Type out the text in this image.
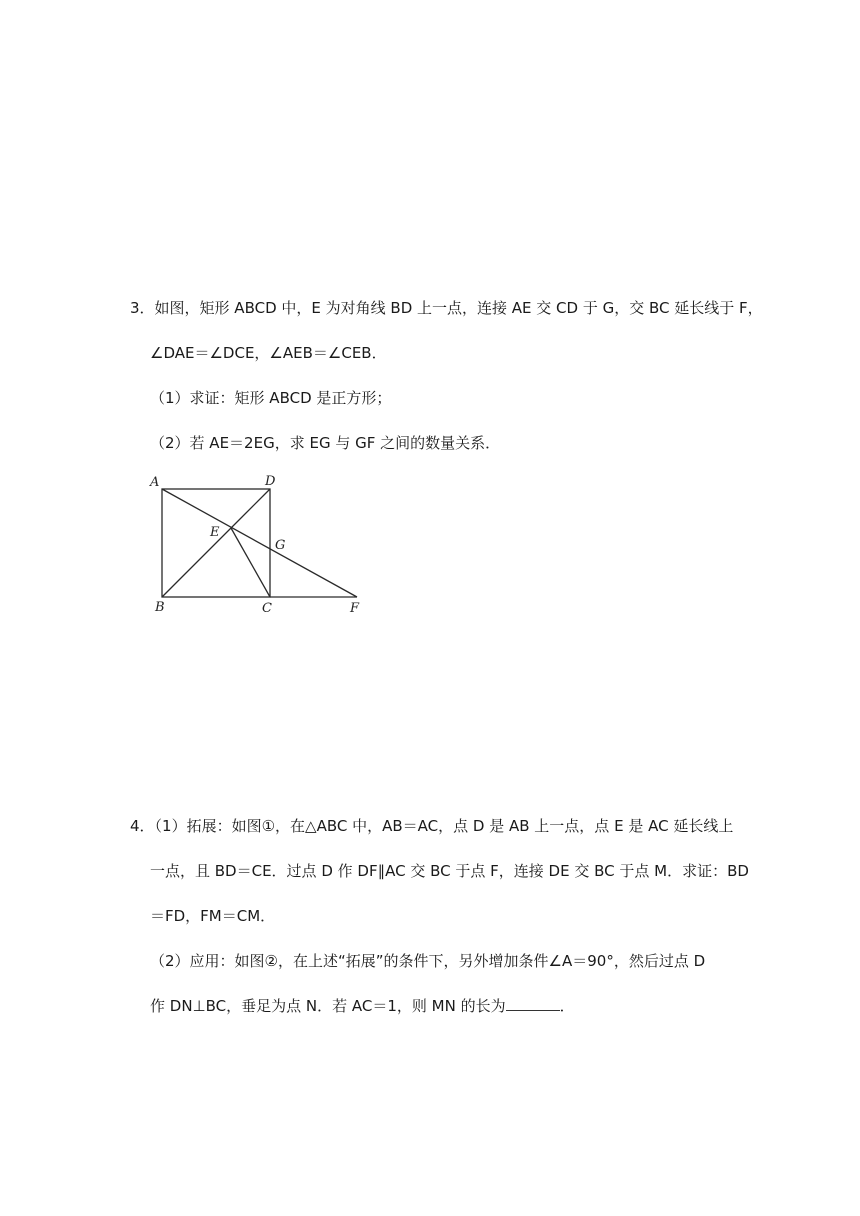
3．如图，矩形 ABCD 中，E 为对角线 BD 上一点，连接 AE 交 CD 于 G，交 BC 延长线于 F，
∠DAE＝∠DCE，∠AEB＝∠CEB．
（1）求证：矩形 ABCD 是正方形；
（2）若 AE＝2EG，求 EG 与 GF 之间的数量关系．
A	D
E
G
B	C	F
4．（1）拓展：如图①，在△ABC 中，AB＝AC，点 D 是 AB 上一点，点 E 是 AC 延长线上
一点，且 BD＝CE．过点 D 作 DF∥AC 交 BC 于点 F，连接 DE 交 BC 于点 M．求证：BD
＝FD，FM＝CM．
（2）应用：如图②，在上述“拓展”的条件下，另外增加条件∠A＝90°，然后过点 D
作 DN⊥BC，垂足为点 N．若 AC＝1，则 MN 的长为	．
